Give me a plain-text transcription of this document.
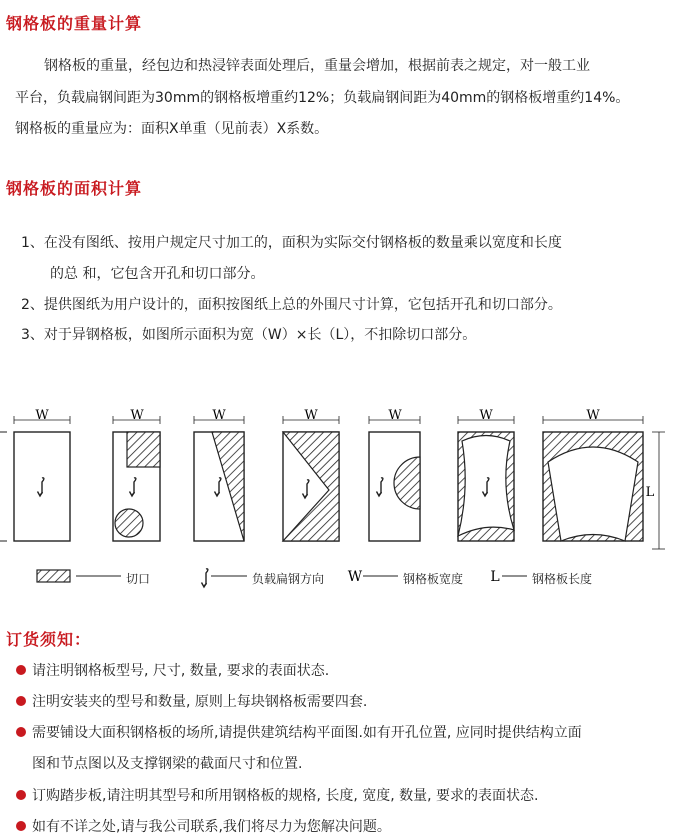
钢格板的重量计算
钢格板的重量，经包边和热浸锌表面处理后，重量会增加，根据前表之规定，对一般工业
平台，负载扁钢间距为30mm的钢格板增重约12%；负载扁钢间距为40mm的钢格板增重约14%。
钢格板的重量应为：面积X单重（见前表）X系数。
钢格板的面积计算
1、在没有图纸、按用户规定尺寸加工的，面积为实际交付钢格板的数量乘以宽度和长度
的总 和，它包含开孔和切口部分。
2、提供图纸为用户设计的，面积按图纸上总的外围尺寸计算，它包括开孔和切口部分。
3、对于异钢格板，如图所示面积为宽（W）×长（L），不扣除切口部分。
W	W	W	W	W	W	W
L
W	L
切口	负载扁钢方向	钢格板宽度	钢格板长度
订货须知：
请注明钢格板型号, 尺寸, 数量, 要求的表面状态.
注明安装夹的型号和数量, 原则上每块钢格板需要四套.
需要铺设大面积钢格板的场所,请提供建筑结构平面图.如有开孔位置, 应同时提供结构立面
图和节点图以及支撑钢梁的截面尺寸和位置.
订购踏步板,请注明其型号和所用钢格板的规格, 长度, 宽度, 数量, 要求的表面状态.
如有不详之处,请与我公司联系,我们将尽力为您解决问题。
